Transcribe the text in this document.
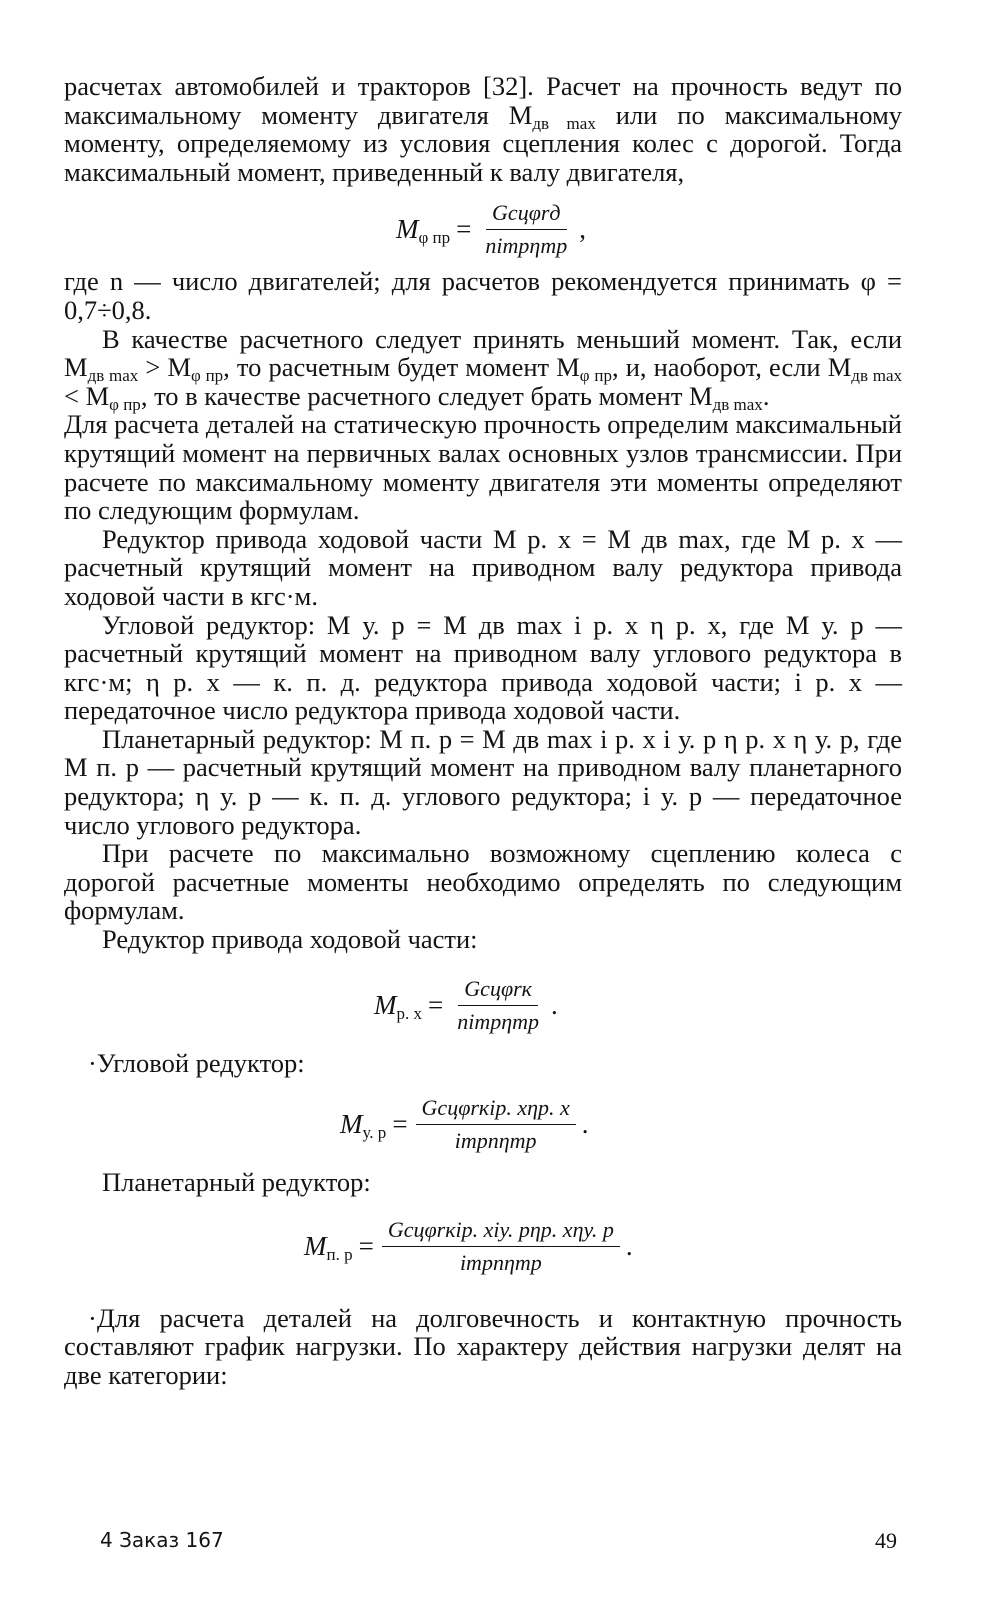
расчетах автомобилей и тракторов [32]. Расчет на прочность ведут по максимальному моменту двигателя $M_{дв max}$ или по максимальному моменту, определяемому из условия сцепления колес с дорогой. Тогда максимальный момент, приведенный к валу двигателя,

$M_{\varphi пр} = \frac{\text{Gсцφrд}}{\text{niтрηтр}}$ ,

где n — число двигателей; для расчетов рекомендуется принимать φ = 0,7÷0,8.

В качестве расчетного следует принять меньший момент. Так, если $M_{дв max} > M_{\varphi пр}$, то расчетным будет момент $M_{\varphi пр}$, и, наоборот, если $M_{дв max} < M_{\varphi пр}$, то в качестве расчетного следует брать момент $M_{дв max}$.

Для расчета деталей на статическую прочность определим максимальный крутящий момент на первичных валах основных узлов трансмиссии. При расчете по максимальному моменту двигателя эти моменты определяют по следующим формулам.

Редуктор привода ходовой части M р. х = M дв max, где M р. х — расчетный крутящий момент на приводном валу редуктора привода ходовой части в кгс·м.

Угловой редуктор: M у. р = M дв max i р. х η р. х, где M у. р — расчетный крутящий момент на приводном валу углового редуктора в кгс·м; η р. х — к. п. д. редуктора привода ходовой части; i р. х — передаточное число редуктора привода ходовой части.

Планетарный редуктор: M п. р = M дв max i р. х i у. р η р. х η у. р, где M п. р — расчетный крутящий момент на приводном валу планетарного редуктора; η у. р — к. п. д. углового редуктора; i у. р — передаточное число углового редуктора.

При расчете по максимально возможному сцеплению колеса с дорогой расчетные моменты необходимо определять по следующим формулам.

Редуктор привода ходовой части:

$M_{р. х} = \frac{\text{Gсцφrк}}{\text{niтрηтр}}$ .

·Угловой редуктор:

$M_{у. р} = \frac{\text{Gсцφrкiр. хηр. х}}{\text{iтрnηтр}}$ .

Планетарный редуктор:

$M_{п. р} = \frac{\text{Gсцφrкiр. хiу. рηр. хηу. р}}{\text{iтрnηтр}}$ .

·Для расчета деталей на долговечность и контактную прочность составляют график нагрузки. По характеру действия нагрузки делят на две категории:

4 Заказ 167	49
